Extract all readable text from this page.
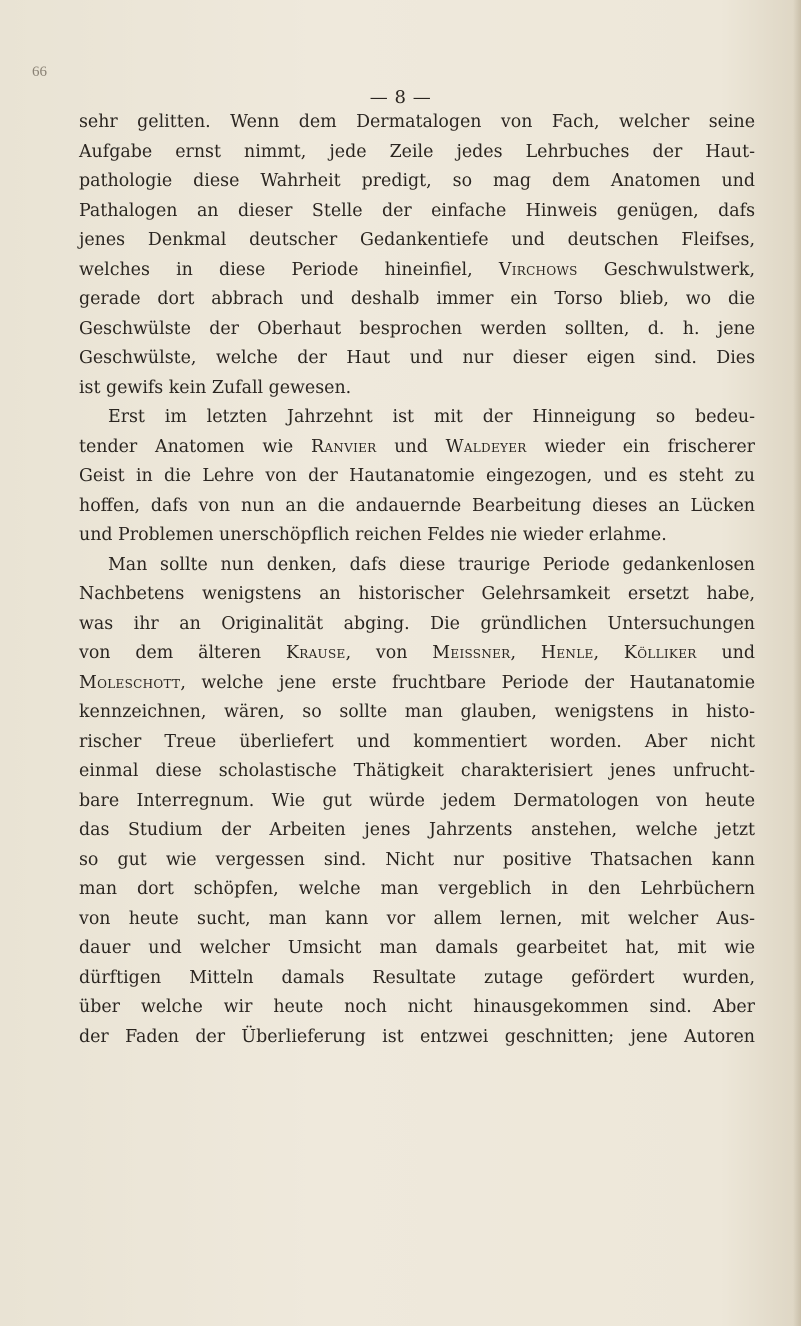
66
— 8 —
sehr gelitten. Wenn dem Dermatalogen von Fach, welcher seine
Aufgabe ernst nimmt, jede Zeile jedes Lehrbuches der Haut-
pathologie diese Wahrheit predigt, so mag dem Anatomen und
Pathalogen an dieser Stelle der einfache Hinweis genügen, dafs
jenes Denkmal deutscher Gedankentiefe und deutschen Fleifses,
welches in diese Periode hineinfiel, Virchows Geschwulstwerk,
gerade dort abbrach und deshalb immer ein Torso blieb, wo die
Geschwülste der Oberhaut besprochen werden sollten, d. h. jene
Geschwülste, welche der Haut und nur dieser eigen sind. Dies
ist gewifs kein Zufall gewesen.
Erst im letzten Jahrzehnt ist mit der Hinneigung so bedeu-
tender Anatomen wie Ranvier und Waldeyer wieder ein frischerer
Geist in die Lehre von der Hautanatomie eingezogen, und es steht zu
hoffen, dafs von nun an die andauernde Bearbeitung dieses an Lücken
und Problemen unerschöpflich reichen Feldes nie wieder erlahme.
Man sollte nun denken, dafs diese traurige Periode gedankenlosen
Nachbetens wenigstens an historischer Gelehrsamkeit ersetzt habe,
was ihr an Originalität abging. Die gründlichen Untersuchungen
von dem älteren Krause, von Meissner, Henle, Kölliker und
Moleschott, welche jene erste fruchtbare Periode der Hautanatomie
kennzeichnen, wären, so sollte man glauben, wenigstens in histo-
rischer Treue überliefert und kommentiert worden. Aber nicht
einmal diese scholastische Thätigkeit charakterisiert jenes unfrucht-
bare Interregnum. Wie gut würde jedem Dermatologen von heute
das Studium der Arbeiten jenes Jahrzents anstehen, welche jetzt
so gut wie vergessen sind. Nicht nur positive Thatsachen kann
man dort schöpfen, welche man vergeblich in den Lehrbüchern
von heute sucht, man kann vor allem lernen, mit welcher Aus-
dauer und welcher Umsicht man damals gearbeitet hat, mit wie
dürftigen Mitteln damals Resultate zutage gefördert wurden,
über welche wir heute noch nicht hinausgekommen sind. Aber
der Faden der Überlieferung ist entzwei geschnitten; jene Autoren
